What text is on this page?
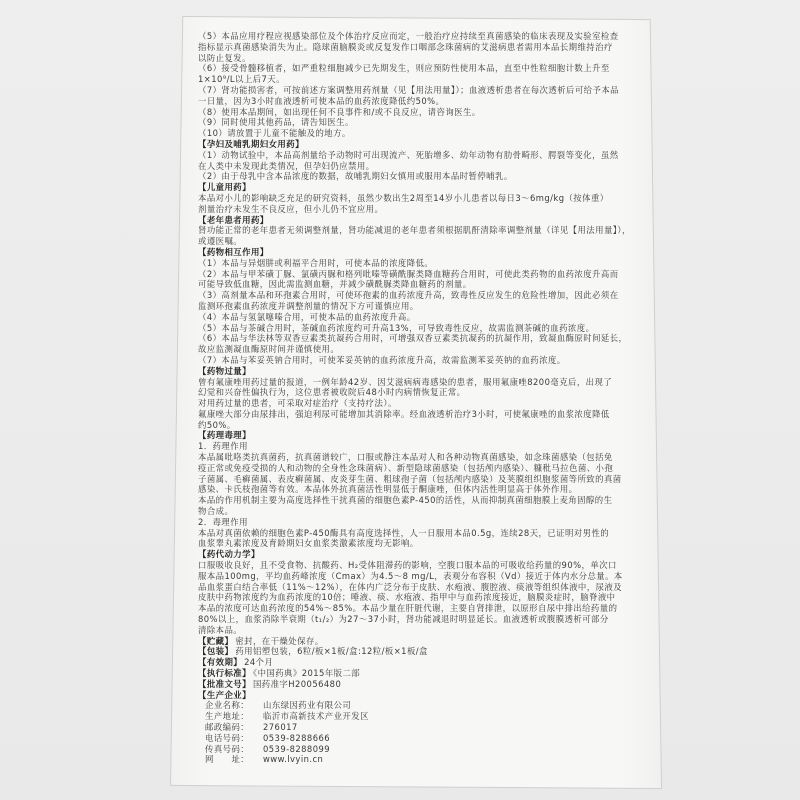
（5）本品应用疗程应视感染部位及个体治疗反应而定，一般治疗应持续至真菌感染的临床表现及实验室检查
指标显示真菌感染消失为止。隐球菌脑膜炎或反复发作口咽部念珠菌病的艾滋病患者需用本品长期维持治疗
以防止复发。
（6）接受骨髓移植者，如严重粒细胞减少已先期发生，则应预防性使用本品，直至中性粒细胞计数上升至
1×10⁹/L以上后7天。
（7）肾功能损害者，可按前述方案调整用药剂量（见【用法用量】）；血液透析患者在每次透析后可给予本品
一日量，因为3小时血液透析可使本品的血药浓度降低约50%。
（8）使用本品期间，如出现任何不良事件和/或不良反应，请咨询医生。
（9）同时使用其他药品，请告知医生。
（10）请放置于儿童不能触及的地方。
【孕妇及哺乳期妇女用药】
（1）动物试验中，本品高剂量给予动物时可出现流产、死胎增多、幼年动物有肋骨畸形、腭裂等变化，虽然
在人类中未发现此类情况，但孕妇仍应禁用。
（2）由于母乳中含本品浓度的数据，故哺乳期妇女慎用或服用本品时暂停哺乳。
【儿童用药】
本品对小儿的影响缺乏充足的研究资料，虽然少数出生2周至14岁小儿患者以每日3～6mg/kg（按体重）
剂量治疗未发生不良反应，但小儿仍不宜应用。
【老年患者用药】
肾功能正常的老年患者无须调整剂量，肾功能减退的老年患者须根据肌酐清除率调整剂量（详见【用法用量】），
或遵医嘱。
【药物相互作用】
（1）本品与异烟肼或利福平合用时，可使本品的浓度降低。
（2）本品与甲苯磺丁脲、氯磺丙脲和格列吡嗪等磺酰脲类降血糖药合用时，可使此类药物的血药浓度升高而
可能导致低血糖，因此需监测血糖，并减少磺酰脲类降血糖药的剂量。
（3）高剂量本品和环孢素合用时，可使环孢素的血药浓度升高，致毒性反应发生的危险性增加，因此必须在
监测环孢素血药浓度并调整剂量的情况下方可谨慎应用。
（4）本品与氢氯噻嗪合用，可使本品的血药浓度升高。
（5）本品与茶碱合用时，茶碱血药浓度约可升高13%，可导致毒性反应，故需监测茶碱的血药浓度。
（6）本品与华法林等双香豆素类抗凝药合用时，可增强双香豆素类抗凝药的抗凝作用，致凝血酶原时间延长，
故应监测凝血酶原时间并谨慎使用。
（7）本品与苯妥英钠合用时，可使苯妥英钠的血药浓度升高，故需监测苯妥英钠的血药浓度。
【药物过量】
曾有氟康唑用药过量的报道，一例年龄42岁、因艾滋病病毒感染的患者，服用氟康唑8200毫克后，出现了
幻觉和兴奋性偏执行为，这位患者被收院后48小时内病情恢复正常。
对用药过量的患者，可采取对症治疗（支持疗法）。
氟康唑大部分由尿排出，强迫利尿可能增加其消除率。经血液透析治疗3小时，可使氟康唑的血浆浓度降低
约50%。
【药理毒理】
1．药理作用
本品属吡咯类抗真菌药，抗真菌谱较广，口服或静注本品对人和各种动物真菌感染，如念珠菌感染（包括免
疫正常或免疫受损的人和动物的全身性念珠菌病）、新型隐球菌感染（包括颅内感染）、糠秕马拉色菌、小孢
子菌属、毛癣菌属、表皮癣菌属、皮炎芽生菌、粗球孢子菌（包括颅内感染）及荚膜组织胞浆菌等所致的真菌
感染、卡氏枝孢菌等有效。本品体外抗真菌活性明显低于酮康唑，但体内活性明显高于体外作用。
本品的作用机制主要为高度选择性干扰真菌的细胞色素P-450的活性，从而抑制真菌细胞膜上麦角固醇的生
物合成。
2．毒理作用
本品对真菌依赖的细胞色素P-450酶具有高度选择性，人一日服用本品0.5g，连续28天，已证明对男性的
血浆睾丸素浓度及育龄期妇女血浆类激素浓度均无影响。
【药代动力学】
口服吸收良好，且不受食物、抗酸药、H₂受体阻滞药的影响，空腹口服本品的可吸收给药量的90%，单次口
服本品100mg，平均血药峰浓度（Cmax）为4.5～8 mg/L，表观分布容积（Vd）接近于体内水分总量。本
品血浆蛋白结合率低（11%～12%），在体内广泛分布于皮肤、水疱液、腹腔液、痰液等组织体液中，尿液及
皮肤中药物浓度约为血药浓度的10倍；唾液、痰、水疱液、指甲中与血药浓度接近，脑膜炎症时，脑脊液中
本品的浓度可达血药浓度的54%～85%。本品少量在肝脏代谢，主要自肾排泄，以原形自尿中排出给药量的
80%以上，血浆消除半衰期（t₁/₂）为27～37小时，肾功能减退时明显延长。血液透析或腹膜透析可部分
清除本品。
【贮藏】 密封，在干燥处保存。
【包装】 药用铝塑包装，6粒/板×1板/盒:12粒/板×1板/盒
【有效期】 24个月
【执行标准】 《中国药典》2015年版二部
【批准文号】 国药准字H20056480
【生产企业】
企业名称： 山东绿因药业有限公司
生产地址： 临沂市高新技术产业开发区
邮政编码： 276017
电话号码： 0539-8288666
传真号码： 0539-8288099
网　　址： www.lvyin.cn
